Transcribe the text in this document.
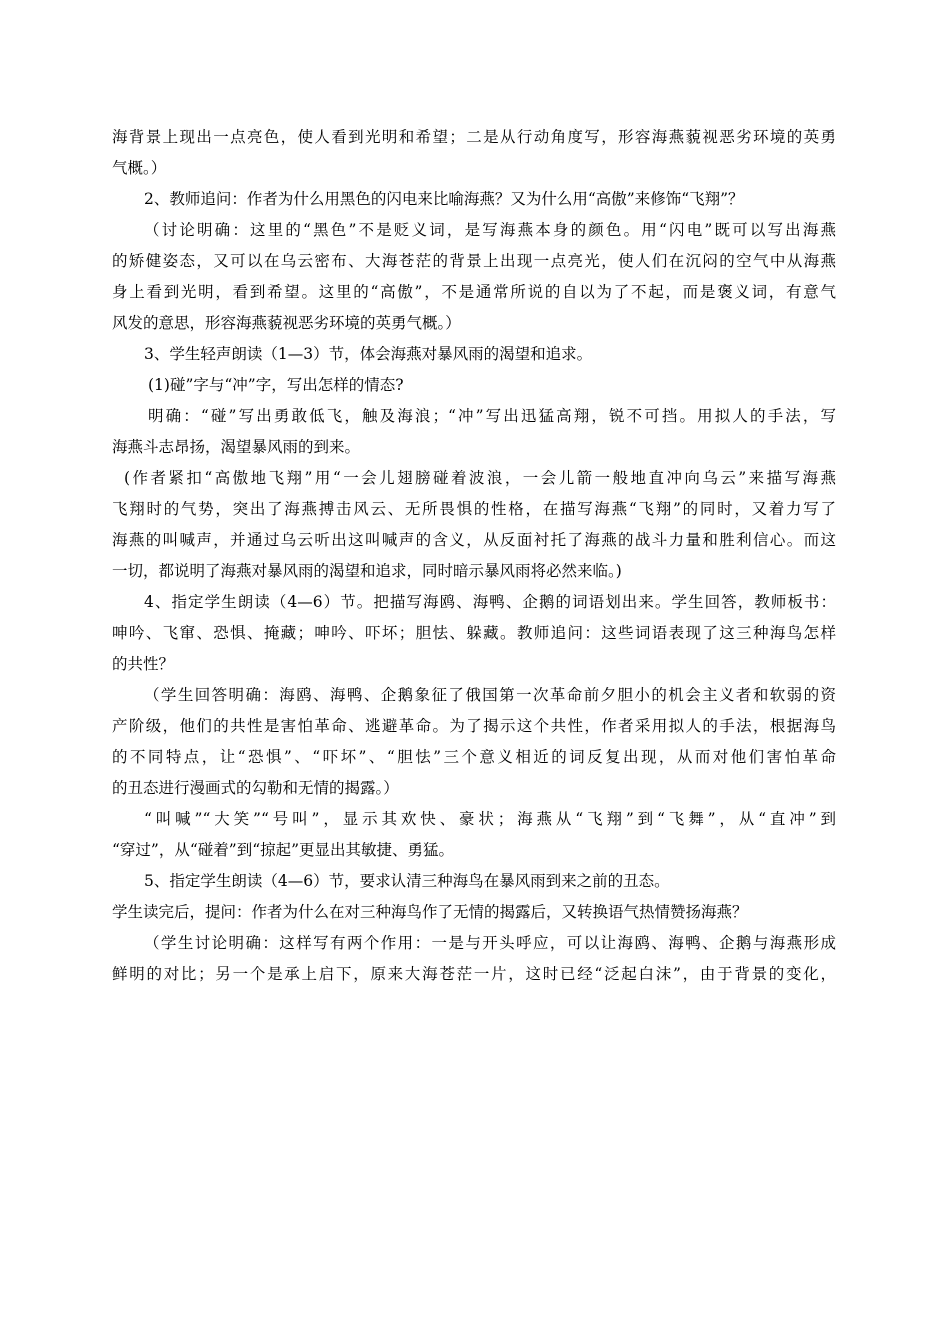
海背景上现出一点亮色，使人看到光明和希望；二是从行动角度写，形容海燕藐视恶劣环境的英勇
气概。）
2、教师追问：作者为什么用黑色的闪电来比喻海燕？又为什么用“高傲”来修饰“飞翔”？
（讨论明确：这里的“黑色”不是贬义词，是写海燕本身的颜色。用“闪电”既可以写出海燕
的矫健姿态，又可以在乌云密布、大海苍茫的背景上出现一点亮光，使人们在沉闷的空气中从海燕
身上看到光明，看到希望。这里的“高傲”，不是通常所说的自以为了不起，而是褒义词，有意气
风发的意思，形容海燕藐视恶劣环境的英勇气概。）
3、学生轻声朗读（1—3）节，体会海燕对暴风雨的渴望和追求。
(1)碰”字与“冲”字，写出怎样的情态?
明确：“碰”写出勇敢低飞，触及海浪；“冲”写出迅猛高翔，锐不可挡。用拟人的手法，写
海燕斗志昂扬，渴望暴风雨的到来。
(作者紧扣“高傲地飞翔”用“一会儿翅膀碰着波浪，一会儿箭一般地直冲向乌云”来描写海燕
飞翔时的气势，突出了海燕搏击风云、无所畏惧的性格，在描写海燕“飞翔”的同时，又着力写了
海燕的叫喊声，并通过乌云听出这叫喊声的含义，从反面衬托了海燕的战斗力量和胜利信心。而这
一切，都说明了海燕对暴风雨的渴望和追求，同时暗示暴风雨将必然来临。)
4、指定学生朗读（4—6）节。把描写海鸥、海鸭、企鹅的词语划出来。学生回答，教师板书：
呻吟、飞窜、恐惧、掩藏；呻吟、吓坏；胆怯、躲藏。教师追问：这些词语表现了这三种海鸟怎样
的共性？
（学生回答明确：海鸥、海鸭、企鹅象征了俄国第一次革命前夕胆小的机会主义者和软弱的资
产阶级，他们的共性是害怕革命、逃避革命。为了揭示这个共性，作者采用拟人的手法，根据海鸟
的不同特点，让“恐惧”、“吓坏”、“胆怯”三个意义相近的词反复出现，从而对他们害怕革命
的丑态进行漫画式的勾勒和无情的揭露。）
“叫喊”“大笑”“号叫”，显示其欢快、豪状；海燕从“飞翔”到“飞舞”，从“直冲”到
“穿过”，从“碰着”到“掠起”更显出其敏捷、勇猛。
5、指定学生朗读（4—6）节，要求认清三种海鸟在暴风雨到来之前的丑态。
学生读完后，提问：作者为什么在对三种海鸟作了无情的揭露后，又转换语气热情赞扬海燕？
（学生讨论明确：这样写有两个作用：一是与开头呼应，可以让海鸥、海鸭、企鹅与海燕形成
鲜明的对比；另一个是承上启下，原来大海苍茫一片，这时已经“泛起白沫”，由于背景的变化，
